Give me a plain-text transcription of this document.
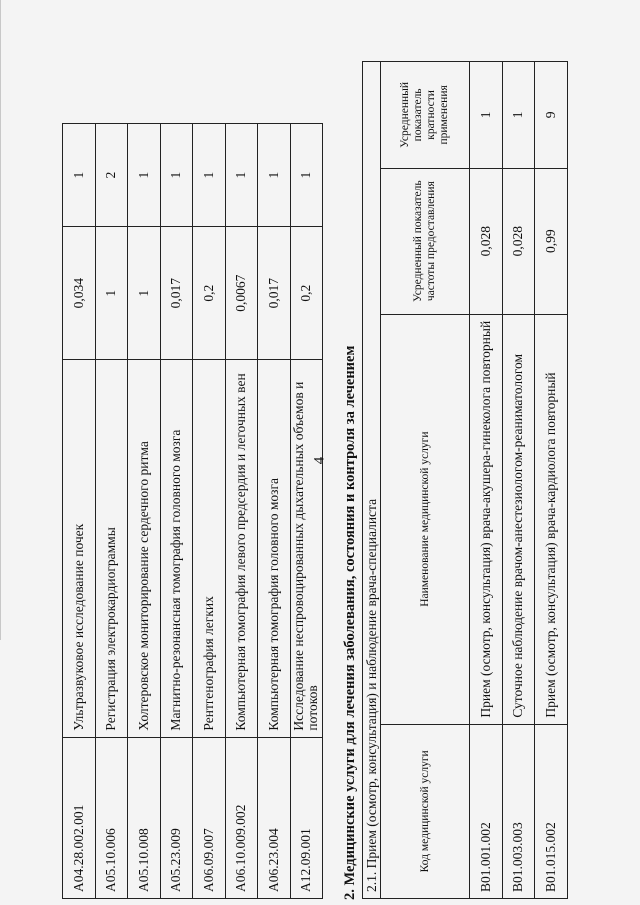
A04.28.002.001	Ультразвуковое исследование почек	0,034	1
A05.10.006	Регистрация электрокардиограммы	1	2
A05.10.008	Холтеровское мониторирование сердечного ритма	1	1
A05.23.009	Магнитно-резонансная томография головного мозга	0,017	1
A06.09.007	Рентгенография легких	0,2	1
A06.10.009.002	Компьютерная томография левого предсердия и легочных вен	0,0067	1
A06.23.004	Компьютерная томография головного мозга	0,017	1
A12.09.001	Исследование неспровоцированных дыхательных объемов и потоков	0,2	1
2. Медицинские услуги для лечения заболевания, состояния и контроля за лечением 2.1. Прием (осмотр, консультация) и наблюдение врача-специалиста			
Код медицинской услуги	Наименование медицинской услуги	Усредненный показатель частоты предоставления	Усредненный показатель кратности применения
B01.001.002	Прием (осмотр, консультация) врача-акушера-гинеколога повторный	0,028	1
B01.003.003	Суточное наблюдение врачом-анестезиологом-реаниматологом	0,028	1
B01.015.002	Прием (осмотр, консультация) врача-кардиолога повторный	0,99	9
4
